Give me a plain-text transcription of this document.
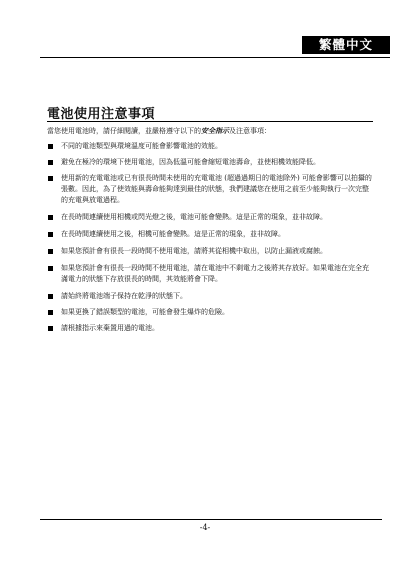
繁體中文
電池使用注意事項
當您使用電池時，請仔細閱讀，並嚴格遵守以下的安全指示及注意事項：
不同的電池類型與環境溫度可能會影響電池的效能。
避免在極冷的環境下使用電池，因為低溫可能會縮短電池壽命，並使相機效能降低。
使用新的充電電池或已有很長時間未使用的充電電池 (超過過期日的電池除外) 可能會影響可以拍攝的張數。因此，為了使效能與壽命能夠達到最佳的狀態，我們建議您在使用之前至少能夠執行一次完整的充電與放電過程。
在長時間連續使用相機或閃光燈之後，電池可能會變熱。這是正常的現象，並非故障。
在長時間連續使用之後，相機可能會變熱。這是正常的現象，並非故障。
如果您預計會有很長一段時間不使用電池，請將其從相機中取出，以防止漏液或腐蝕。
如果您預計會有很長一段時間不使用電池，請在電池中不剩電力之後將其存放好。如果電池在完全充滿電力的狀態下存放很長的時間，其效能將會下降。
請始終將電池端子保持在乾淨的狀態下。
如果更換了錯誤類型的電池，可能會發生爆炸的危險。
請根據指示來棄置用過的電池。
-4-
